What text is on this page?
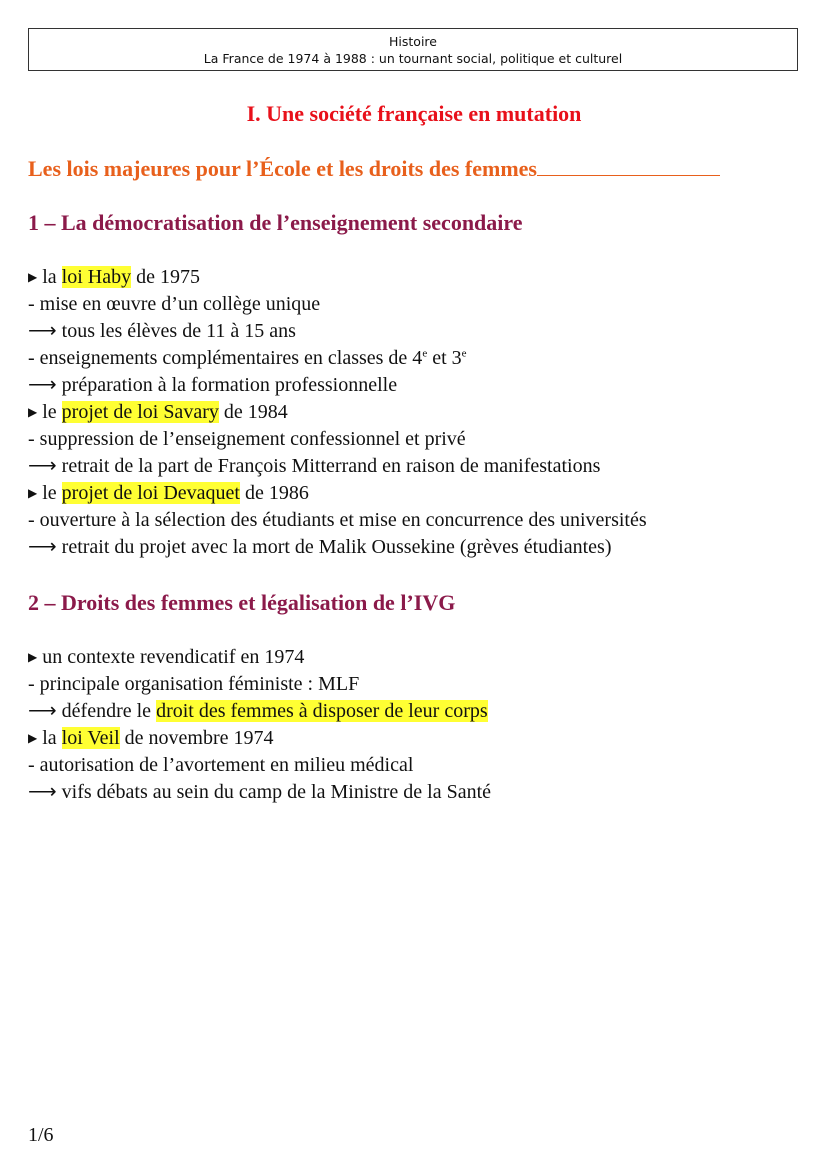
Histoire
La France de 1974 à 1988 : un tournant social, politique et culturel
I. Une société française en mutation
Les lois majeures pour l’École et les droits des femmes
1 – La démocratisation de l’enseignement secondaire
▶ la loi Haby de 1975
- mise en œuvre d’un collège unique
⟶ tous les élèves de 11 à 15 ans
- enseignements complémentaires en classes de 4e et 3e
⟶ préparation à la formation professionnelle
▶ le projet de loi Savary de 1984
- suppression de l’enseignement confessionnel et privé
⟶ retrait de la part de François Mitterrand en raison de manifestations
▶ le projet de loi Devaquet de 1986
- ouverture à la sélection des étudiants et mise en concurrence des universités
⟶ retrait du projet avec la mort de Malik Oussekine (grèves étudiantes)
2 – Droits des femmes et légalisation de l’IVG
▶ un contexte revendicatif en 1974
- principale organisation féministe : MLF
⟶ défendre le droit des femmes à disposer de leur corps
▶ la loi Veil de novembre 1974
- autorisation de l’avortement en milieu médical
⟶ vifs débats au sein du camp de la Ministre de la Santé
1/6
